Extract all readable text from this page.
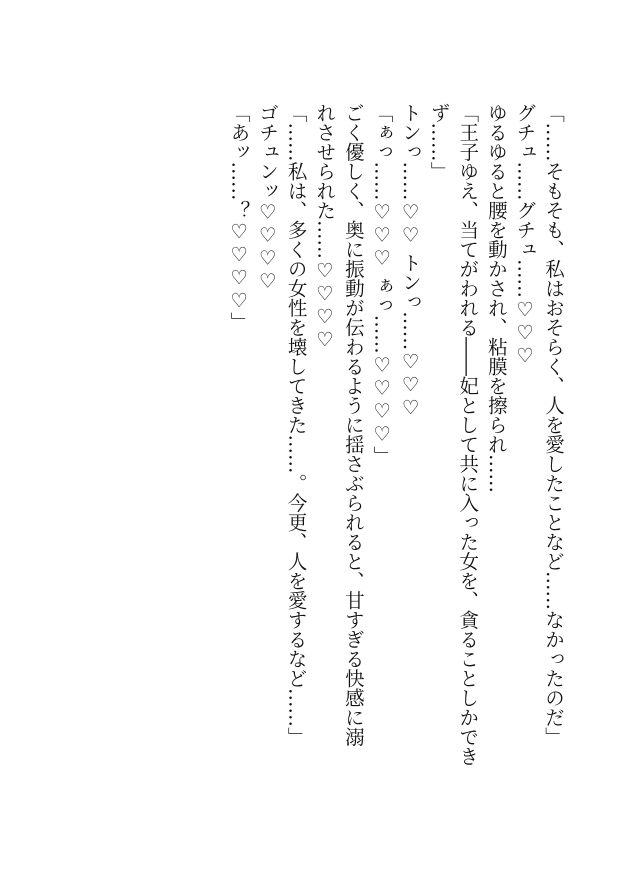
「……そもそも、私はおそらく、人を愛したことなど……なかったのだ」
グチュ……グチュ……♡♡♡
ゆるゆると腰を動かされ、粘膜を擦られ……
「王子ゆえ、当てがわれる――妃として共に入った女を、貪ることしかでき
ず……」
トンっ……♡♡ トンっ……♡♡♡
「ぁっ……♡♡♡ ぁっ……♡♡♡♡」
ごく優しく、奥に振動が伝わるように揺さぶられると、甘すぎる快感に溺
れさせられた……♡♡♡♡
「……私は、多くの女性を壊してきた……。今更、人を愛するなど……」
ゴチュンッ♡♡♡♡
「あッ……？♡♡♡♡」
